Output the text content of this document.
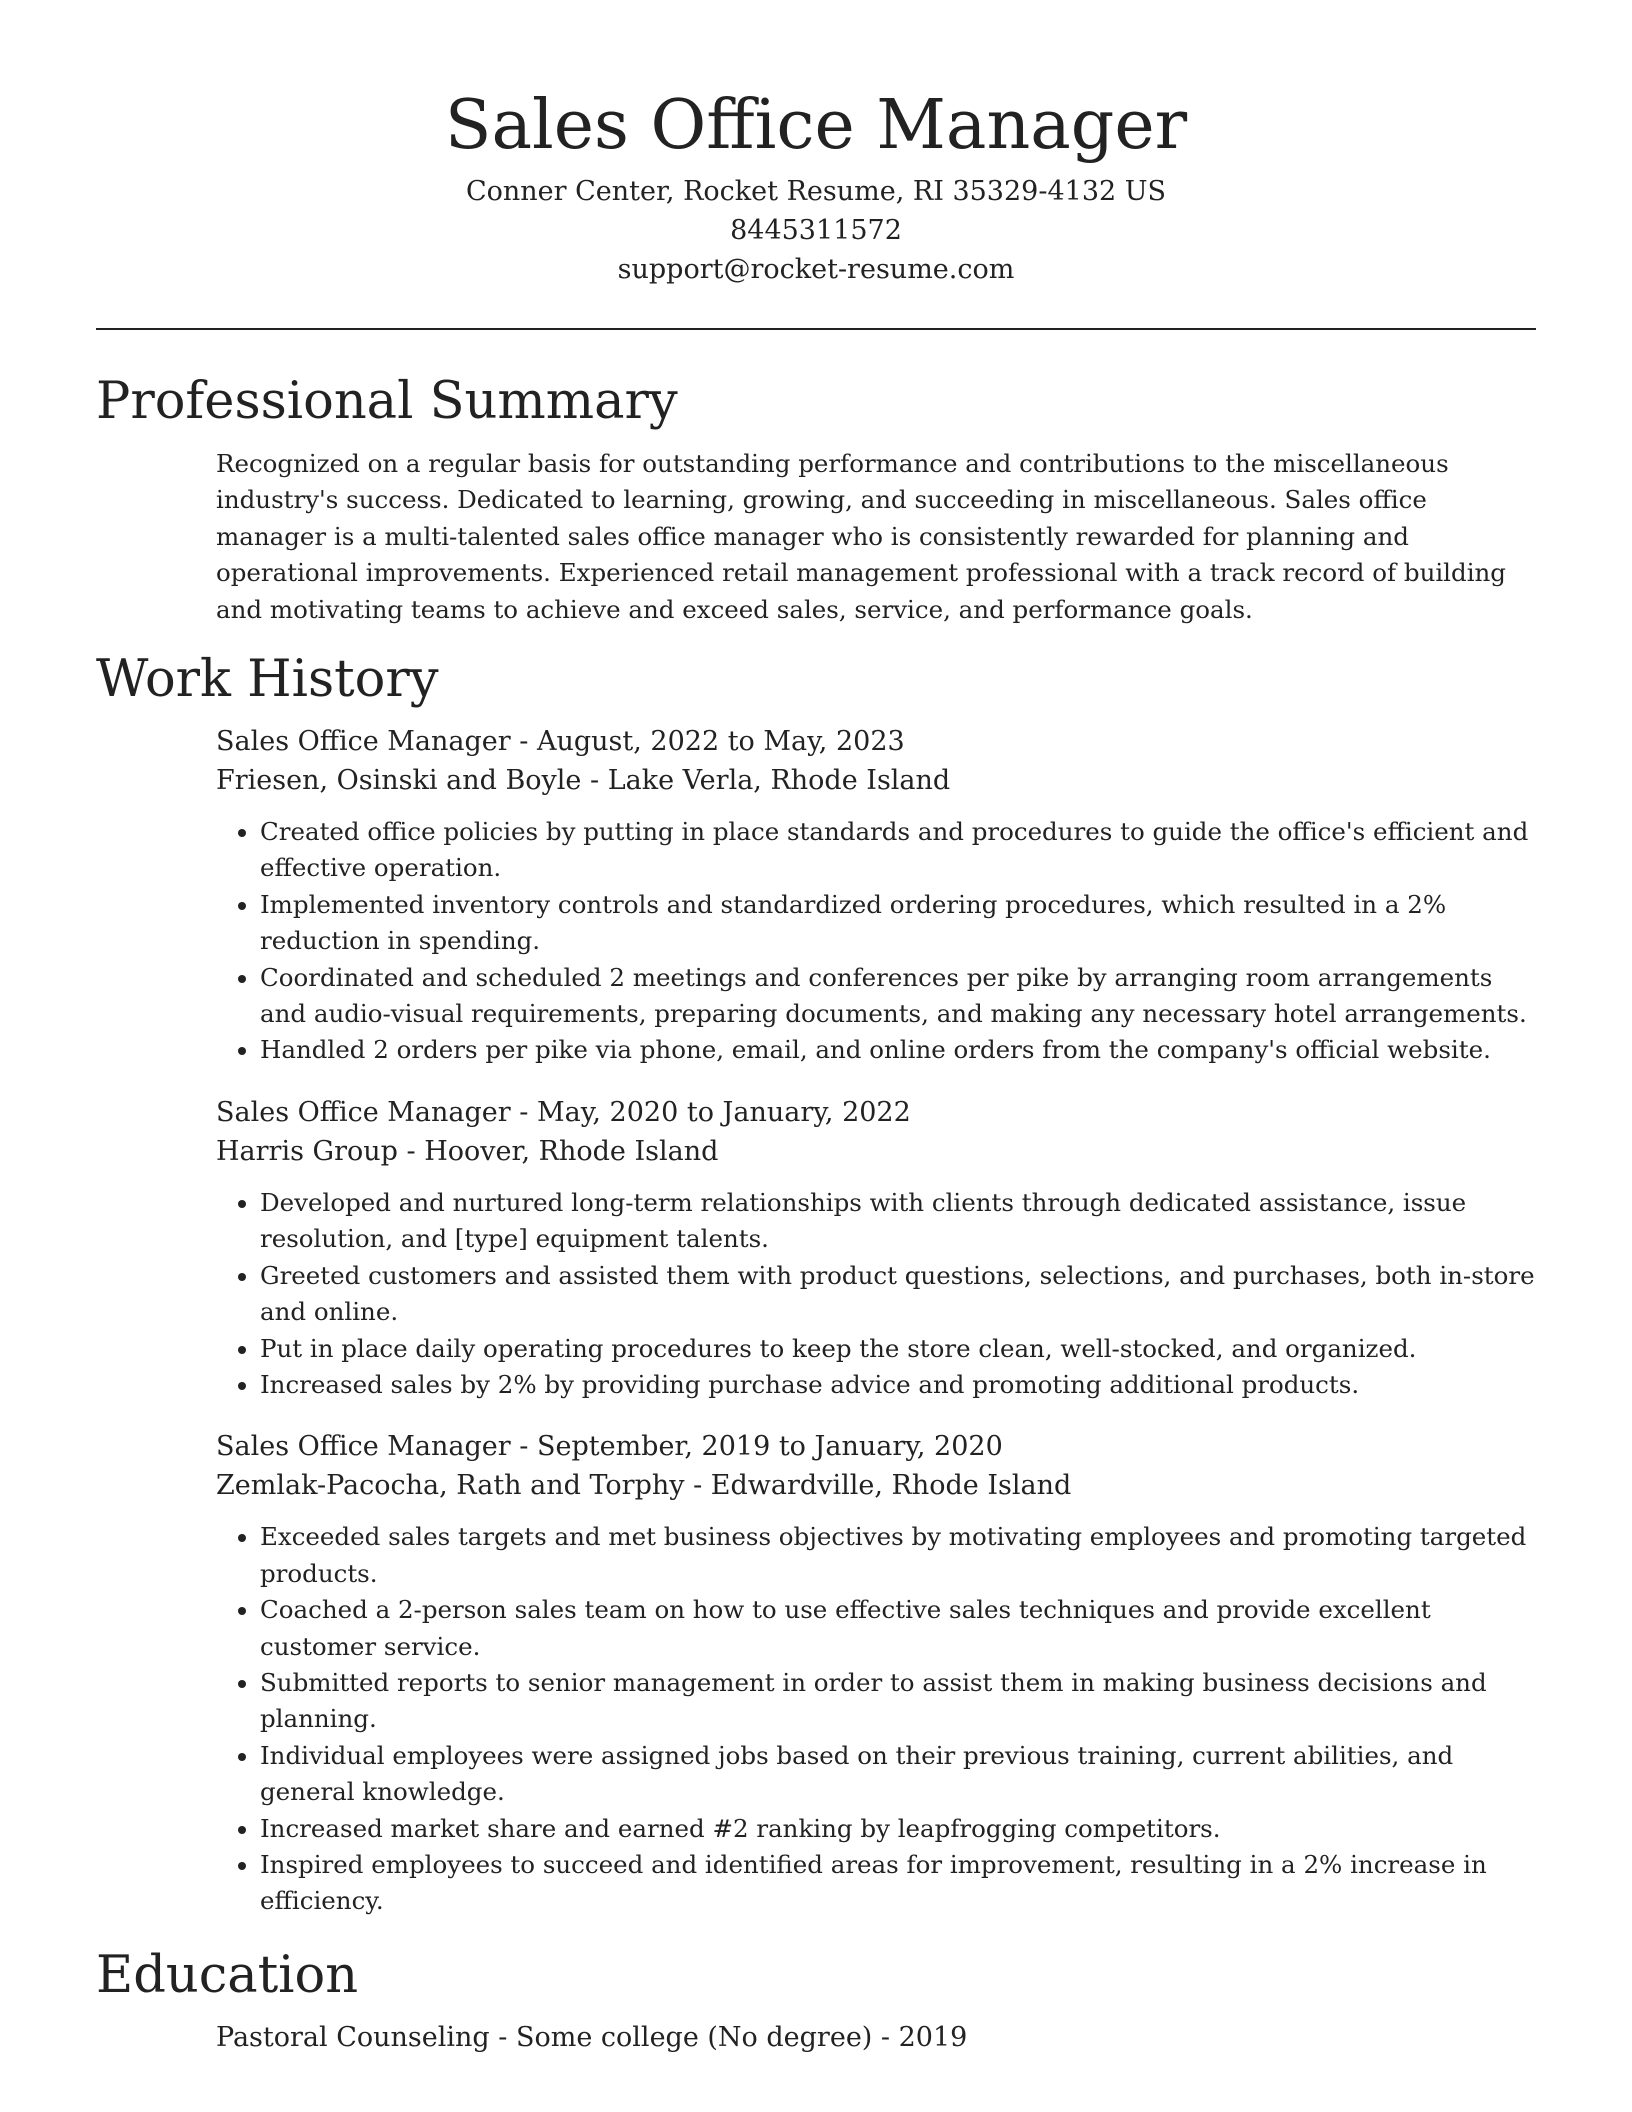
Sales Office Manager

Conner Center, Rocket Resume, RI 35329-4132 US

8445311572

support@rocket-resume.com

Professional Summary

Recognized on a regular basis for outstanding performance and contributions to the miscellaneous industry's success. Dedicated to learning, growing, and succeeding in miscellaneous. Sales office manager is a multi-talented sales office manager who is consistently rewarded for planning and operational improvements. Experienced retail management professional with a track record of building and motivating teams to achieve and exceed sales, service, and performance goals.

Work History

Sales Office Manager - August, 2022 to May, 2023

Friesen, Osinski and Boyle - Lake Verla, Rhode Island

• Created office policies by putting in place standards and procedures to guide the office's efficient and effective operation.
• Implemented inventory controls and standardized ordering procedures, which resulted in a 2% reduction in spending.
• Coordinated and scheduled 2 meetings and conferences per pike by arranging room arrangements and audio-visual requirements, preparing documents, and making any necessary hotel arrangements.
• Handled 2 orders per pike via phone, email, and online orders from the company's official website.

Sales Office Manager - May, 2020 to January, 2022

Harris Group - Hoover, Rhode Island

• Developed and nurtured long-term relationships with clients through dedicated assistance, issue resolution, and [type] equipment talents.
• Greeted customers and assisted them with product questions, selections, and purchases, both in-store and online.
• Put in place daily operating procedures to keep the store clean, well-stocked, and organized.
• Increased sales by 2% by providing purchase advice and promoting additional products.

Sales Office Manager - September, 2019 to January, 2020

Zemlak-Pacocha, Rath and Torphy - Edwardville, Rhode Island

• Exceeded sales targets and met business objectives by motivating employees and promoting targeted products.
• Coached a 2-person sales team on how to use effective sales techniques and provide excellent customer service.
• Submitted reports to senior management in order to assist them in making business decisions and planning.
• Individual employees were assigned jobs based on their previous training, current abilities, and general knowledge.
• Increased market share and earned #2 ranking by leapfrogging competitors.
• Inspired employees to succeed and identified areas for improvement, resulting in a 2% increase in efficiency.
Education

Pastoral Counseling - Some college (No degree) - 2019
